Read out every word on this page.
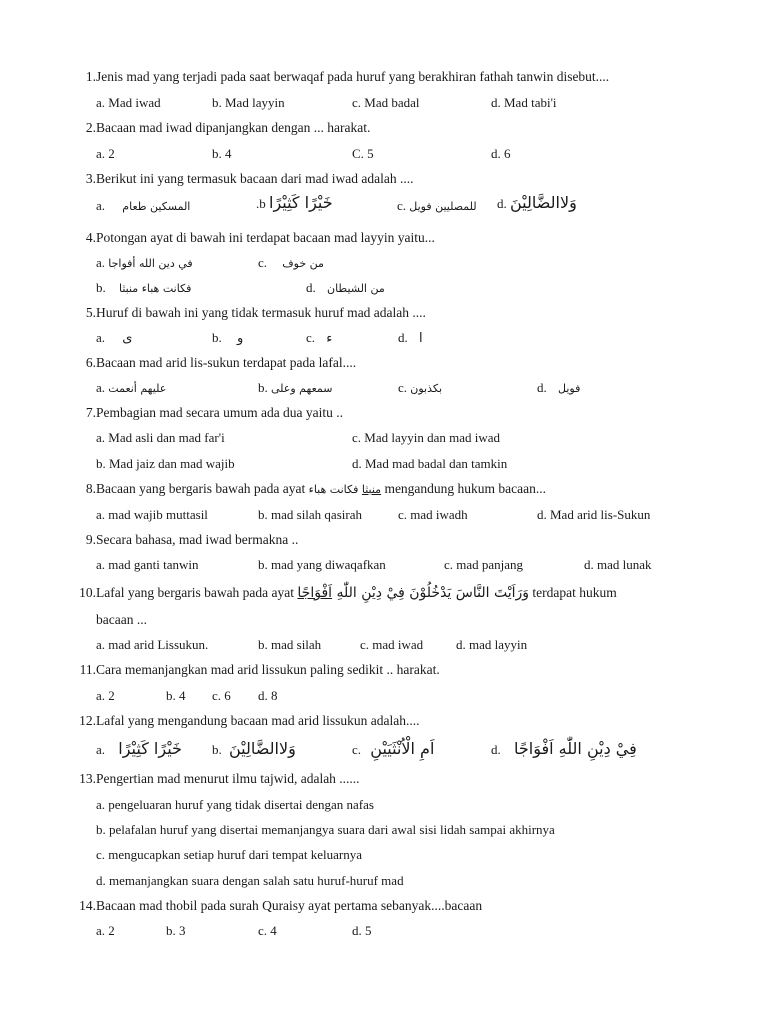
1. Jenis mad yang terjadi pada saat berwaqaf pada huruf yang berakhiran fathah tanwin disebut....
a. Mad iwad	b. Mad layyin	c. Mad badal	d. Mad tabi'i
2. Bacaan mad iwad dipanjangkan dengan ... harakat.
a. 2	b. 4	C. 5	d. 6
3. Berikut ini yang termasuk bacaan dari mad iwad adalah ....
a. المسكين طعام	.b خَيْرًا كَثِيْرًا	c. للمصليين فويل d. وَلاالضَّالِيْنَ
4. Potongan ayat di bawah ini terdapat bacaan mad layyin yaitu...
a. في دين الله أفواجا	c. من خوف
b. فكانت هباء منبثا	d. من الشيطان
5. Huruf di bawah ini yang tidak termasuk huruf mad adalah ....
a. ى	b. و	c. ء	d. ا
6. Bacaan mad arid lis-sukun terdapat pada lafal....
a. عليهم أنعمت	b. سمعهم وعلى	c. بكذبون	d. فويل
7. Pembagian mad secara umum ada dua yaitu ..
a. Mad asli dan mad far'i	c. Mad layyin dan mad iwad
b. Mad jaiz dan mad wajib	d. Mad mad badal dan tamkin
8. Bacaan yang bergaris bawah pada ayat	منبثا فكانت هباء mengandung hukum bacaan...
a. mad wajib muttasil	b. mad silah qasirah	c. mad iwadh	d. Mad arid lis-Sukun
9. Secara bahasa, mad iwad bermakna ..
a. mad ganti tanwin	b. mad yang diwaqafkan	c. mad panjang	d. mad lunak
10. Lafal yang bergaris bawah pada ayat	وَرَاَيْتَ النَّاسَ يَدْخُلُوْنَ فِيْ دِيْنِ اللّٰهِ اَفْوَاجًا	terdapat hukum
bacaan ...
a. mad arid Lissukun.	b. mad silah	c. mad iwad	d. mad layyin
11. Cara memanjangkan mad arid lissukun paling sedikit .. harakat.
a. 2	b. 4 c. 6 d. 8
12. Lafal yang mengandung bacaan mad arid lissukun adalah....
a. خَيْرًا كَثِيْرًا b. وَلاالضَّالِيْنَ	c. اَمِ الْاُنْثَيَيْنِ	d. فِيْ دِيْنِ اللّٰهِ اَفْوَاجًا
13. Pengertian mad menurut ilmu tajwid, adalah ......
a. pengeluaran huruf yang tidak disertai dengan nafas
b. pelafalan huruf yang disertai memanjangya suara dari awal sisi lidah sampai akhirnya
c. mengucapkan setiap huruf dari tempat keluarnya
d. memanjangkan suara dengan salah satu huruf-huruf mad
14. Bacaan mad thobil pada surah Quraisy ayat pertama sebanyak....bacaan
a. 2	b. 3	c. 4	d. 5
